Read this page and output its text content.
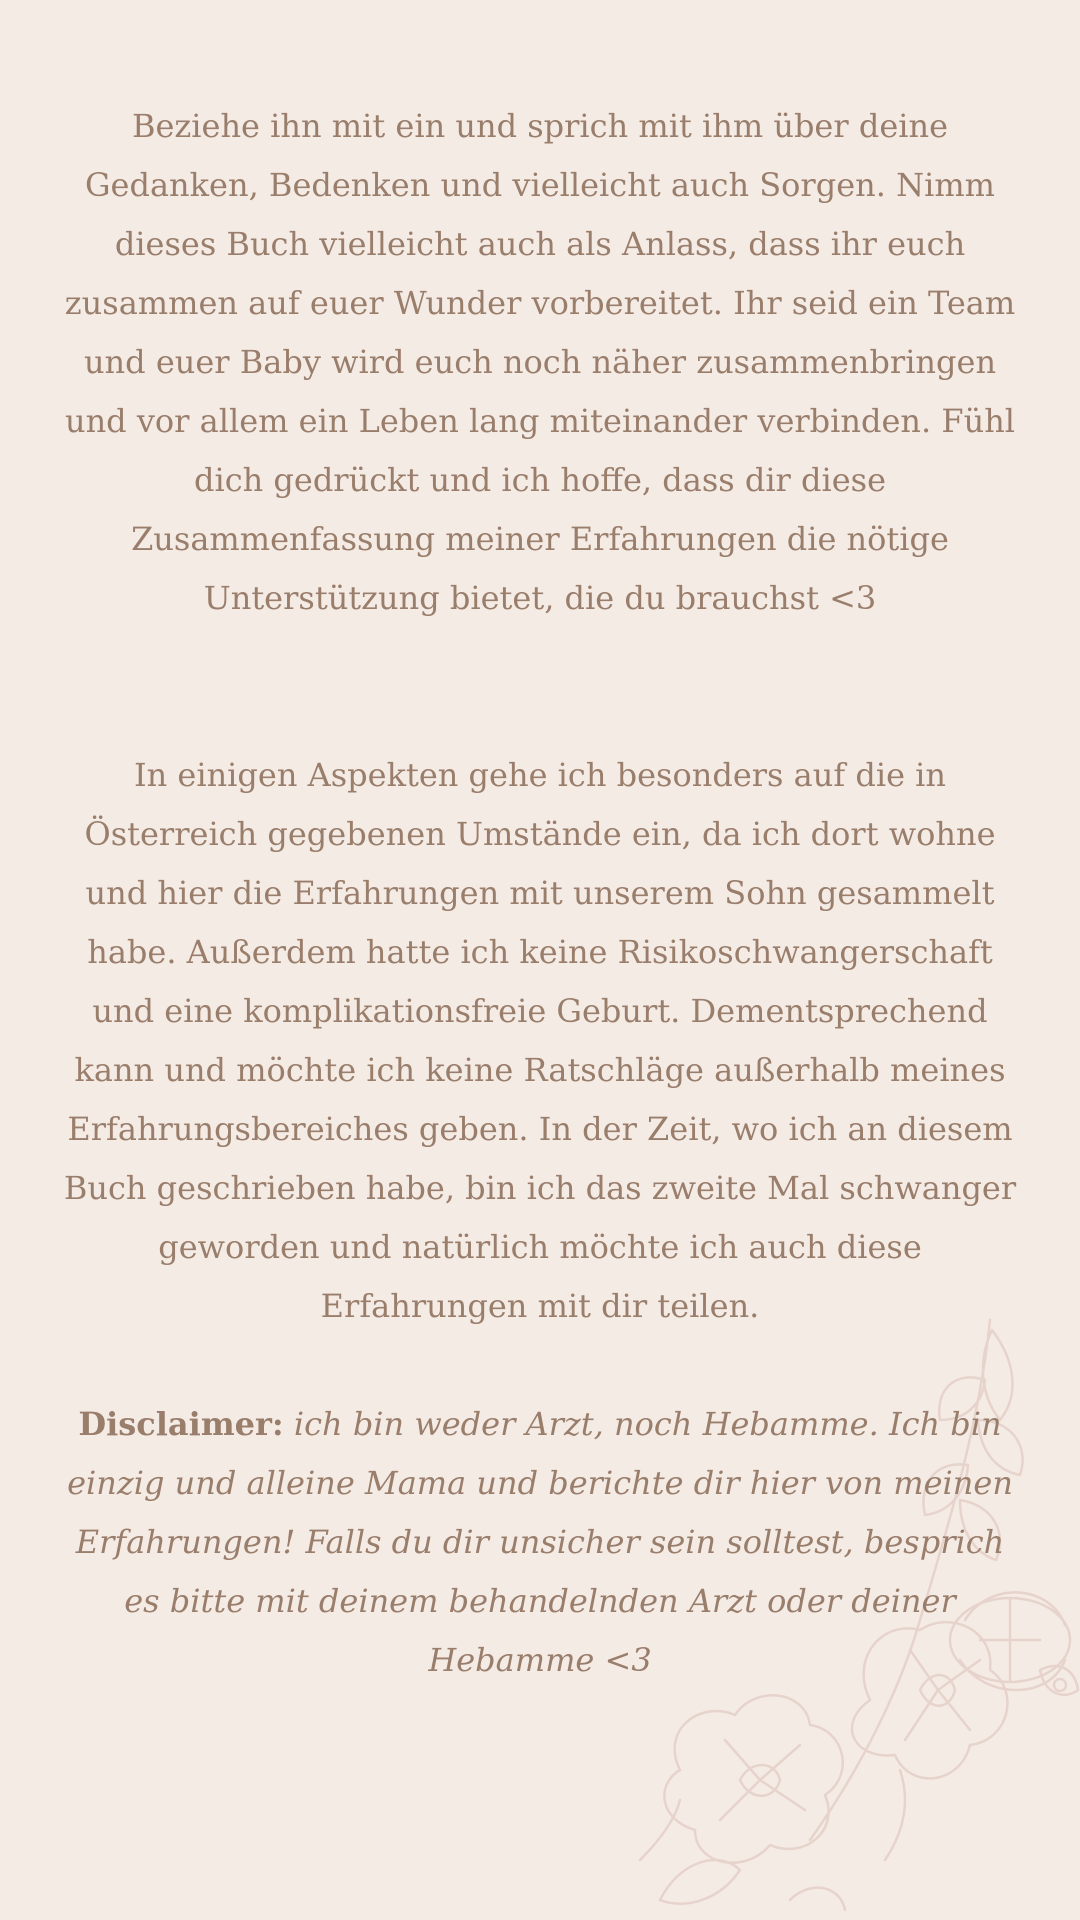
Beziehe ihn mit ein und sprich mit ihm über deine Gedanken, Bedenken und vielleicht auch Sorgen. Nimm dieses Buch vielleicht auch als Anlass, dass ihr euch zusammen auf euer Wunder vorbereitet. Ihr seid ein Team und euer Baby wird euch noch näher zusammenbringen und vor allem ein Leben lang miteinander verbinden. Fühl dich gedrückt und ich hoffe, dass dir diese Zusammenfassung meiner Erfahrungen die nötige Unterstützung bietet, die du brauchst <3

In einigen Aspekten gehe ich besonders auf die in Österreich gegebenen Umstände ein, da ich dort wohne und hier die Erfahrungen mit unserem Sohn gesammelt habe. Außerdem hatte ich keine Risikoschwangerschaft und eine komplikationsfreie Geburt. Dementsprechend kann und möchte ich keine Ratschläge außerhalb meines Erfahrungsbereiches geben. In der Zeit, wo ich an diesem Buch geschrieben habe, bin ich das zweite Mal schwanger geworden und natürlich möchte ich auch diese Erfahrungen mit dir teilen.

Disclaimer: ich bin weder Arzt, noch Hebamme. Ich bin einzig und alleine Mama und berichte dir hier von meinen Erfahrungen! Falls du dir unsicher sein solltest, besprich es bitte mit deinem behandelnden Arzt oder deiner Hebamme <3
